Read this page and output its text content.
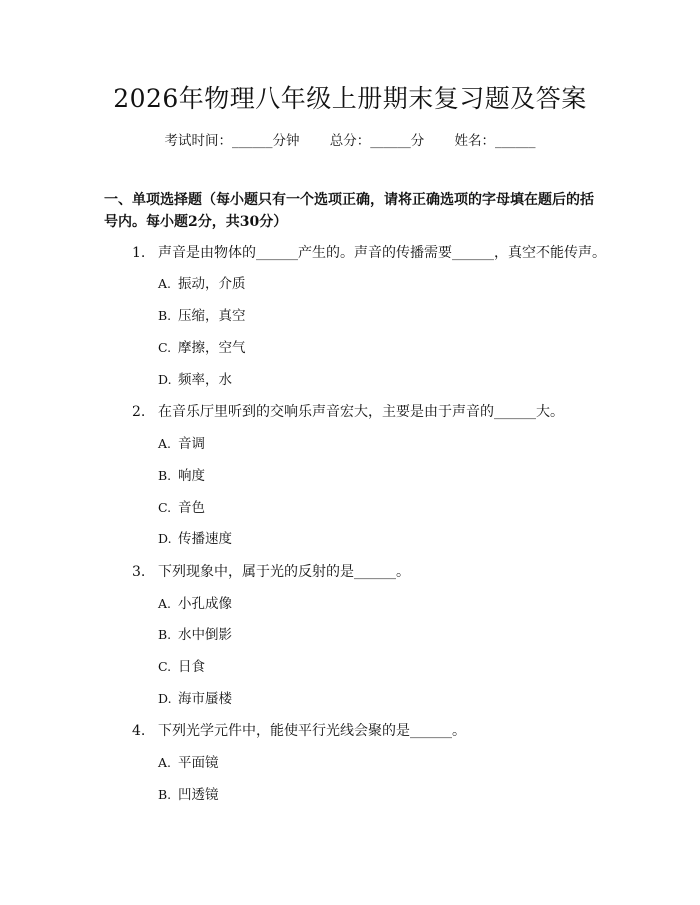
2026年物理八年级上册期末复习题及答案
考试时间：______分钟 总分：______分 姓名：______
一、单项选择题（每小题只有一个选项正确，请将正确选项的字母填在题后的括号内。每小题2分，共30分）
1. 声音是由物体的______产生的。声音的传播需要______，真空不能传声。
A. 振动，介质
B. 压缩，真空
C. 摩擦，空气
D. 频率，水
2. 在音乐厅里听到的交响乐声音宏大，主要是由于声音的______大。
A. 音调
B. 响度
C. 音色
D. 传播速度
3. 下列现象中，属于光的反射的是______。
A. 小孔成像
B. 水中倒影
C. 日食
D. 海市蜃楼
4. 下列光学元件中，能使平行光线会聚的是______。
A. 平面镜
B. 凹透镜
